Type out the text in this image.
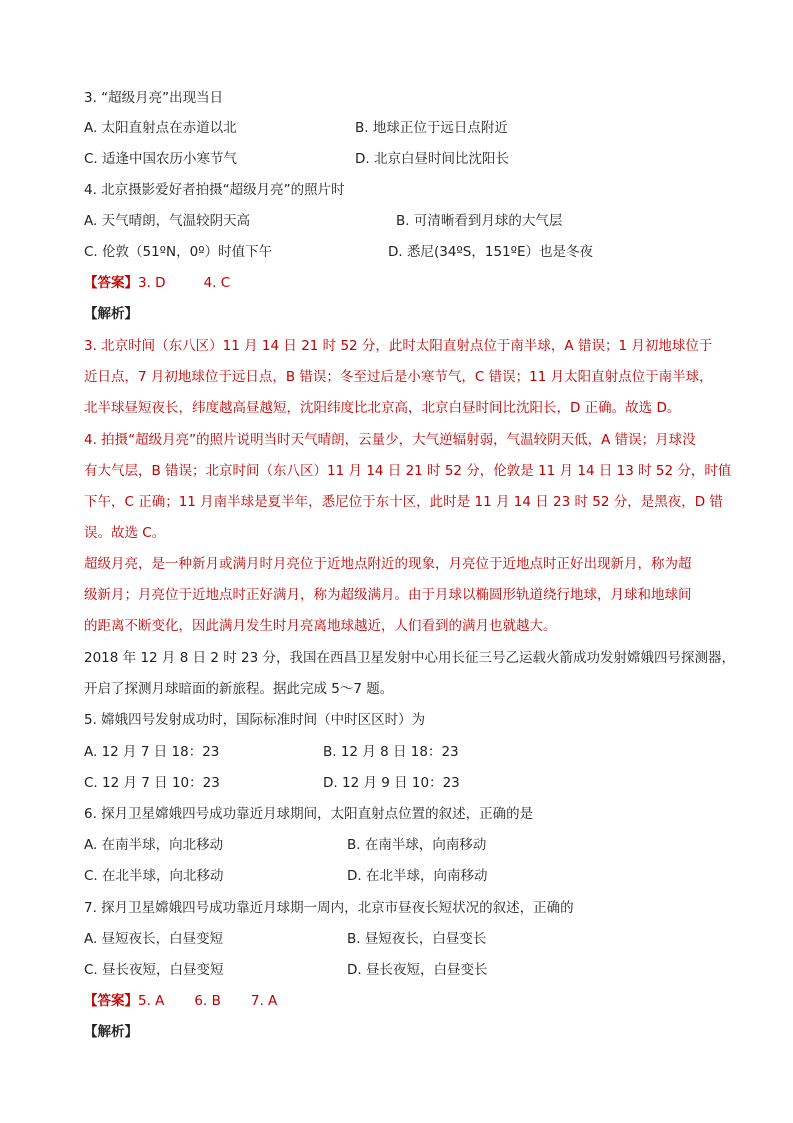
3. “超级月亮”出现当日
A. 太阳直射点在赤道以北	B. 地球正位于远日点附近
C. 适逢中国农历小寒节气	D. 北京白昼时间比沈阳长
4. 北京摄影爱好者拍摄“超级月亮”的照片时
A. 天气晴朗，气温较阴天高	B. 可清晰看到月球的大气层
C. 伦敦（51ºN，0º）时值下午	D. 悉尼(34ºS，151ºE）也是冬夜
【答案】3. D	4. C
【解析】
3. 北京时间（东八区）11 月 14 日 21 时 52 分，此时太阳直射点位于南半球，A 错误；1 月初地球位于
近日点，7 月初地球位于远日点，B 错误；冬至过后是小寒节气，C 错误；11 月太阳直射点位于南半球，
北半球昼短夜长，纬度越高昼越短，沈阳纬度比北京高，北京白昼时间比沈阳长，D 正确。故选 D。
4. 拍摄“超级月亮”的照片说明当时天气晴朗，云量少，大气逆辐射弱，气温较阴天低，A 错误；月球没
有大气层，B 错误；北京时间（东八区）11 月 14 日 21 时 52 分，伦敦是 11 月 14 日 13 时 52 分，时值
下午，C 正确；11 月南半球是夏半年，悉尼位于东十区，此时是 11 月 14 日 23 时 52 分，是黑夜，D 错
误。故选 C。
超级月亮，是一种新月或满月时月亮位于近地点附近的现象，月亮位于近地点时正好出现新月，称为超
级新月；月亮位于近地点时正好满月，称为超级满月。由于月球以椭圆形轨道绕行地球，月球和地球间
的距离不断变化，因此满月发生时月亮离地球越近，人们看到的满月也就越大。
2018 年 12 月 8 日 2 时 23 分，我国在西昌卫星发射中心用长征三号乙运载火箭成功发射嫦娥四号探测器，
开启了探测月球暗面的新旅程。据此完成 5～7 题。
5. 嫦娥四号发射成功时，国际标准时间（中时区区时）为
A. 12 月 7 日 18：23	B. 12 月 8 日 18：23
C. 12 月 7 日 10：23	D. 12 月 9 日 10：23
6. 探月卫星嫦娥四号成功靠近月球期间，太阳直射点位置的叙述，正确的是
A. 在南半球，向北移动	B. 在南半球，向南移动
C. 在北半球，向北移动	D. 在北半球，向南移动
7. 探月卫星嫦娥四号成功靠近月球期一周内，北京市昼夜长短状况的叙述，正确的
A. 昼短夜长，白昼变短	B. 昼短夜长，白昼变长
C. 昼长夜短，白昼变短	D. 昼长夜短，白昼变长
【答案】5. A 6. B 7. A
【解析】
